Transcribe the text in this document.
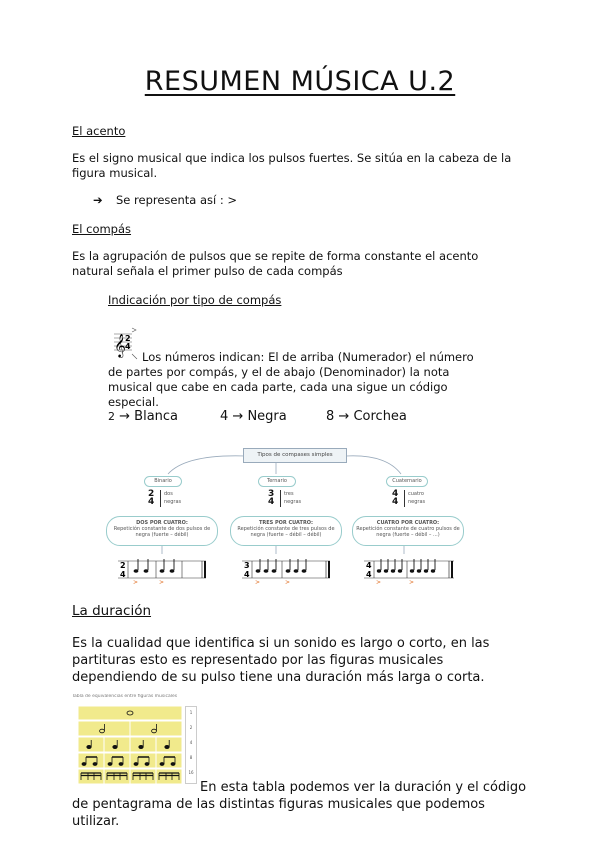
RESUMEN MÚSICA U.2
El acento
Es el signo musical que indica los pulsos fuertes. Se sitúa en la cabeza de la figura musical.
➔ Se representa así : >
El compás
Es la agrupación de pulsos que se repite de forma constante el acento natural señala el primer pulso de cada compás
Indicación por tipo de compás
𝄞 2
4
Los números indican: El de arriba (Numerador) el número de partes por compás, y el de abajo (Denominador) la nota musical que cabe en cada parte, cada una sigue un código especial.
2 → Blanca	4 → Negra	8 → Corchea
Tipos de compases simples
Binario
2
4
dos
negras
DOS POR CUATRO:
Repetición constante de dos pulsos de negra (fuerte – débil)
Ternario
3
4
tres
negras
TRES POR CUATRO:
Repetición constante de tres pulsos de negra (fuerte – débil – débil)
Cuaternario
4
4
cuatro
negras
CUATRO POR CUATRO:
Repetición constante de cuatro pulsos de negra (fuerte – débil – ...)
2
4
>	>
3
4
>	>
4
4
>	>
La duración
Es la cualidad que identifica si un sonido es largo o corto, en las partituras esto es representado por las figuras musicales dependiendo de su pulso tiene una duración más larga o corta.
Tabla de equivalencias entre figuras musicales
1
2
4
8
16
En esta tabla podemos ver la duración y el código de pentagrama de las distintas figuras musicales que podemos utilizar.
